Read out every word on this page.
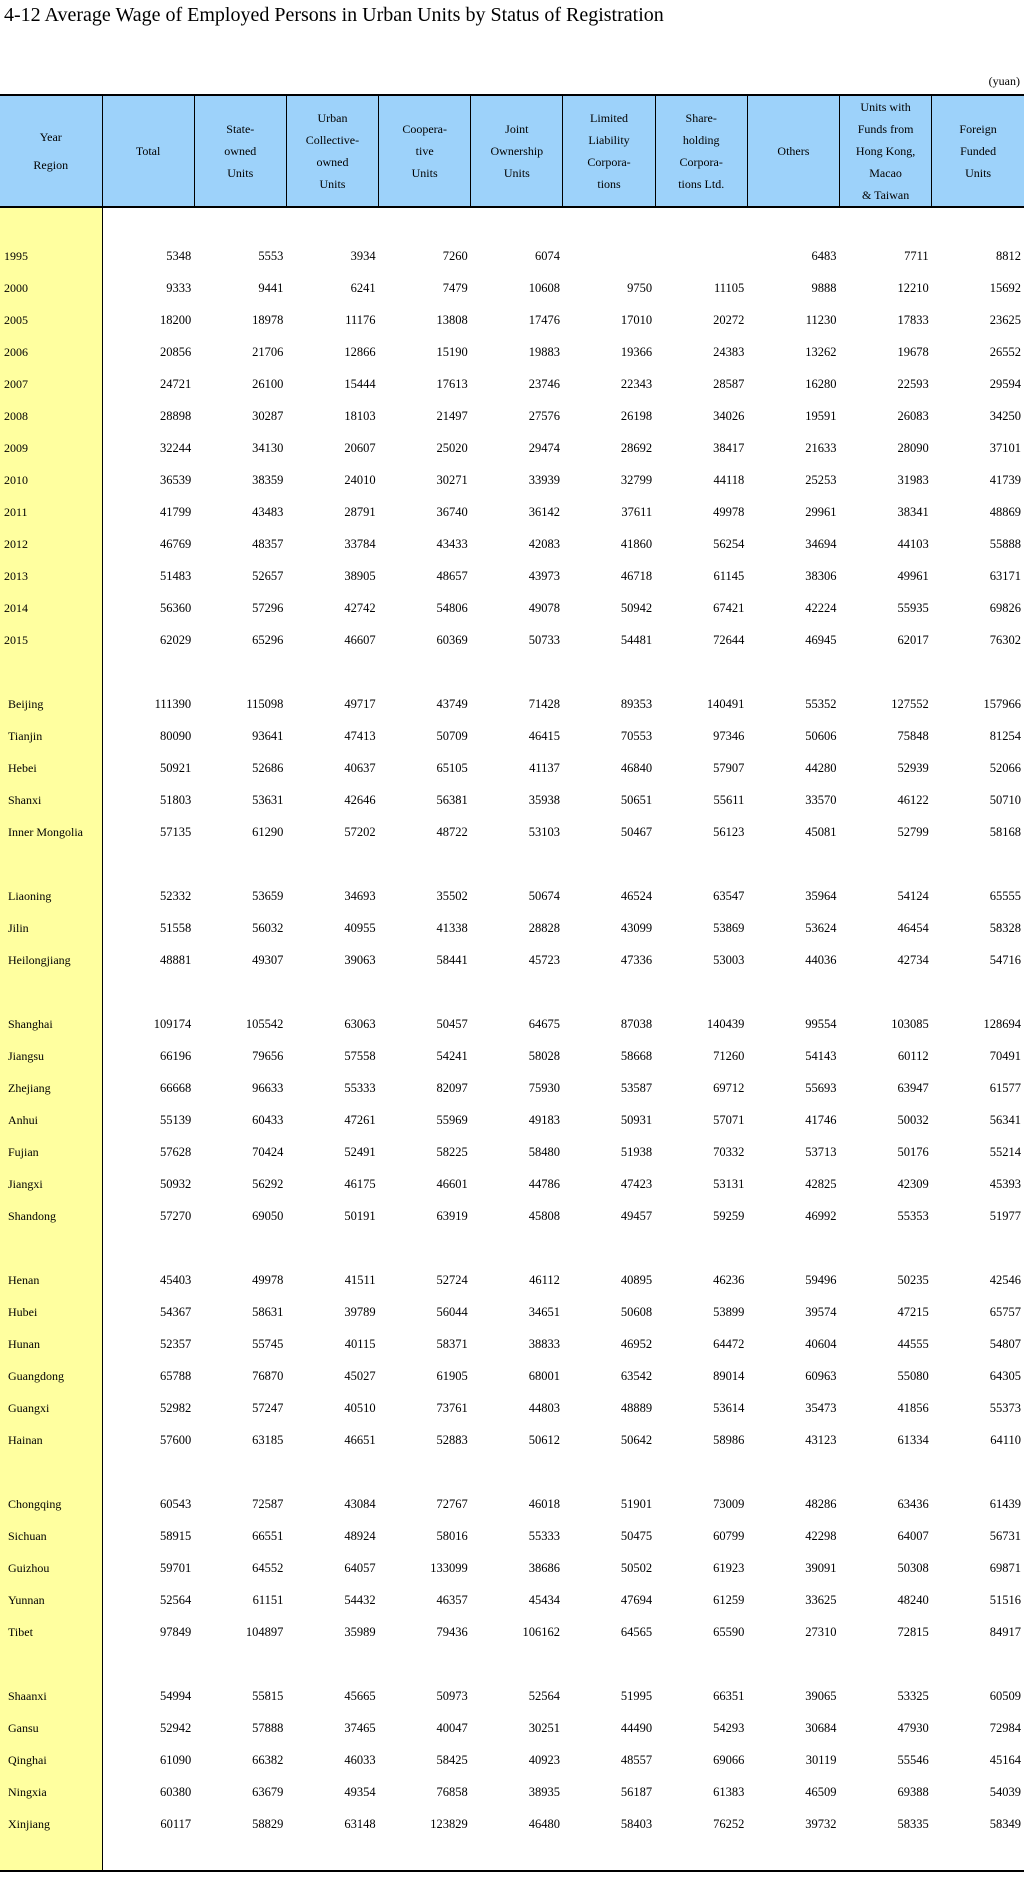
4-12 Average Wage of Employed Persons in Urban Units by Status of Registration
(yuan)
Year
Region	Total	State-
owned
Units	Urban
Collective-
owned
Units	Coopera-
tive
Units	Joint
Ownership
Units	Limited
Liability
Corpora-
tions	Share-
holding
Corpora-
tions Ltd.	Others	Units with
Funds from
Hong Kong,
Macao
& Taiwan	Foreign
Funded
Units

1995	5348	5553	3934	7260	6074			6483	7711	8812
2000	9333	9441	6241	7479	10608	9750	11105	9888	12210	15692
2005	18200	18978	11176	13808	17476	17010	20272	11230	17833	23625
2006	20856	21706	12866	15190	19883	19366	24383	13262	19678	26552
2007	24721	26100	15444	17613	23746	22343	28587	16280	22593	29594
2008	28898	30287	18103	21497	27576	26198	34026	19591	26083	34250
2009	32244	34130	20607	25020	29474	28692	38417	21633	28090	37101
2010	36539	38359	24010	30271	33939	32799	44118	25253	31983	41739
2011	41799	43483	28791	36740	36142	37611	49978	29961	38341	48869
2012	46769	48357	33784	43433	42083	41860	56254	34694	44103	55888
2013	51483	52657	38905	48657	43973	46718	61145	38306	49961	63171
2014	56360	57296	42742	54806	49078	50942	67421	42224	55935	69826
2015	62029	65296	46607	60369	50733	54481	72644	46945	62017	76302

Beijing	111390	115098	49717	43749	71428	89353	140491	55352	127552	157966
Tianjin	80090	93641	47413	50709	46415	70553	97346	50606	75848	81254
Hebei	50921	52686	40637	65105	41137	46840	57907	44280	52939	52066
Shanxi	51803	53631	42646	56381	35938	50651	55611	33570	46122	50710
Inner Mongolia	57135	61290	57202	48722	53103	50467	56123	45081	52799	58168

Liaoning	52332	53659	34693	35502	50674	46524	63547	35964	54124	65555
Jilin	51558	56032	40955	41338	28828	43099	53869	53624	46454	58328
Heilongjiang	48881	49307	39063	58441	45723	47336	53003	44036	42734	54716

Shanghai	109174	105542	63063	50457	64675	87038	140439	99554	103085	128694
Jiangsu	66196	79656	57558	54241	58028	58668	71260	54143	60112	70491
Zhejiang	66668	96633	55333	82097	75930	53587	69712	55693	63947	61577
Anhui	55139	60433	47261	55969	49183	50931	57071	41746	50032	56341
Fujian	57628	70424	52491	58225	58480	51938	70332	53713	50176	55214
Jiangxi	50932	56292	46175	46601	44786	47423	53131	42825	42309	45393
Shandong	57270	69050	50191	63919	45808	49457	59259	46992	55353	51977

Henan	45403	49978	41511	52724	46112	40895	46236	59496	50235	42546
Hubei	54367	58631	39789	56044	34651	50608	53899	39574	47215	65757
Hunan	52357	55745	40115	58371	38833	46952	64472	40604	44555	54807
Guangdong	65788	76870	45027	61905	68001	63542	89014	60963	55080	64305
Guangxi	52982	57247	40510	73761	44803	48889	53614	35473	41856	55373
Hainan	57600	63185	46651	52883	50612	50642	58986	43123	61334	64110

Chongqing	60543	72587	43084	72767	46018	51901	73009	48286	63436	61439
Sichuan	58915	66551	48924	58016	55333	50475	60799	42298	64007	56731
Guizhou	59701	64552	64057	133099	38686	50502	61923	39091	50308	69871
Yunnan	52564	61151	54432	46357	45434	47694	61259	33625	48240	51516
Tibet	97849	104897	35989	79436	106162	64565	65590	27310	72815	84917

Shaanxi	54994	55815	45665	50973	52564	51995	66351	39065	53325	60509
Gansu	52942	57888	37465	40047	30251	44490	54293	30684	47930	72984
Qinghai	61090	66382	46033	58425	40923	48557	69066	30119	55546	45164
Ningxia	60380	63679	49354	76858	38935	56187	61383	46509	69388	54039
Xinjiang	60117	58829	63148	123829	46480	58403	76252	39732	58335	58349
